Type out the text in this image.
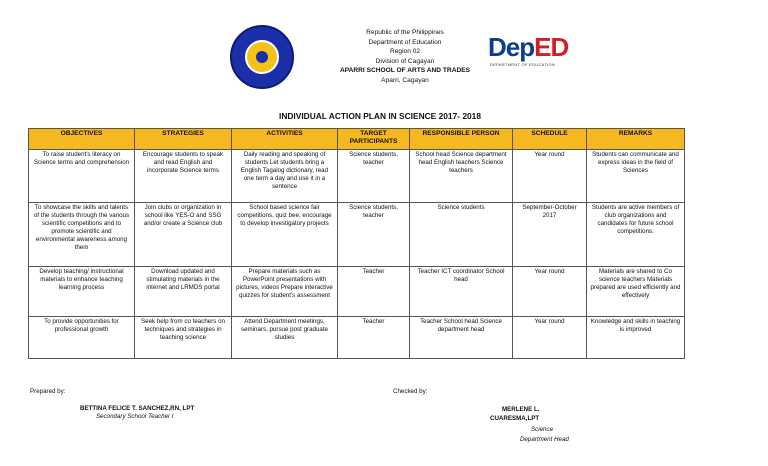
Republic of the Philippines
Department of Education
Region 02
Division of Cagayan
APARRI SCHOOL OF ARTS AND TRADES
Aparri, Cagayan
DepED
DEPARTMENT OF EDUCATION
INDIVIDUAL ACTION PLAN IN SCIENCE 2017- 2018
OBJECTIVES	STRATEGIES	ACTIVITIES	TARGET PARTICIPANTS	RESPONSIBLE PERSON	SCHEDULE	REMARKS
To raise student's literacy on Science terms and comprehension	Encourage students to speak and read English and incorporate Science terms	Daily reading and speaking of students Let students bring a English Tagalog dictionary, read one term a day and use it in a sentence	Science students, teacher	School head Science department head English teachers Science teachers	Year round	Students can communicate and express ideas in the field of Sciences
To showcase the skills and talents of the students through the various scientific competitions and to promote scientific and environmental awareness among them	Join clubs or organization in school like YES-O and SSG and/or create a Science club	School based science fair competitions, quiz bee, encourage to develop investigatory projects	Science students, teacher	Science students	September-October 2017	Students are active members of club organizations and candidates for future school competitions.
Develop teaching/ instructional materials to enhance teaching learning process	Download updated and stimulating materials in the internet and LRMDS portal	Prepare materials such as PowerPoint presentations with pictures, videos Prepare interactive quizzes for student's assessment	Teacher	Teacher ICT coordinator School head	Year round	Materials are shared to Co science teachers Materials prepared are used efficiently and effectively
To provide opportunities for professional growth	Seek help from co teachers on techniques and strategies in teaching science	Attend Department meetings, seminars, pursue post graduate studies	Teacher	Teacher School head Science department head	Year round	Knowledge and skills in teaching is improved
Prepared by:
BETTINA FELICE T. SANCHEZ,RN, LPT
Secondary School Teacher I
Checked by:
MERLENE L.
CUARESMA,LPT
Science
Department Head
